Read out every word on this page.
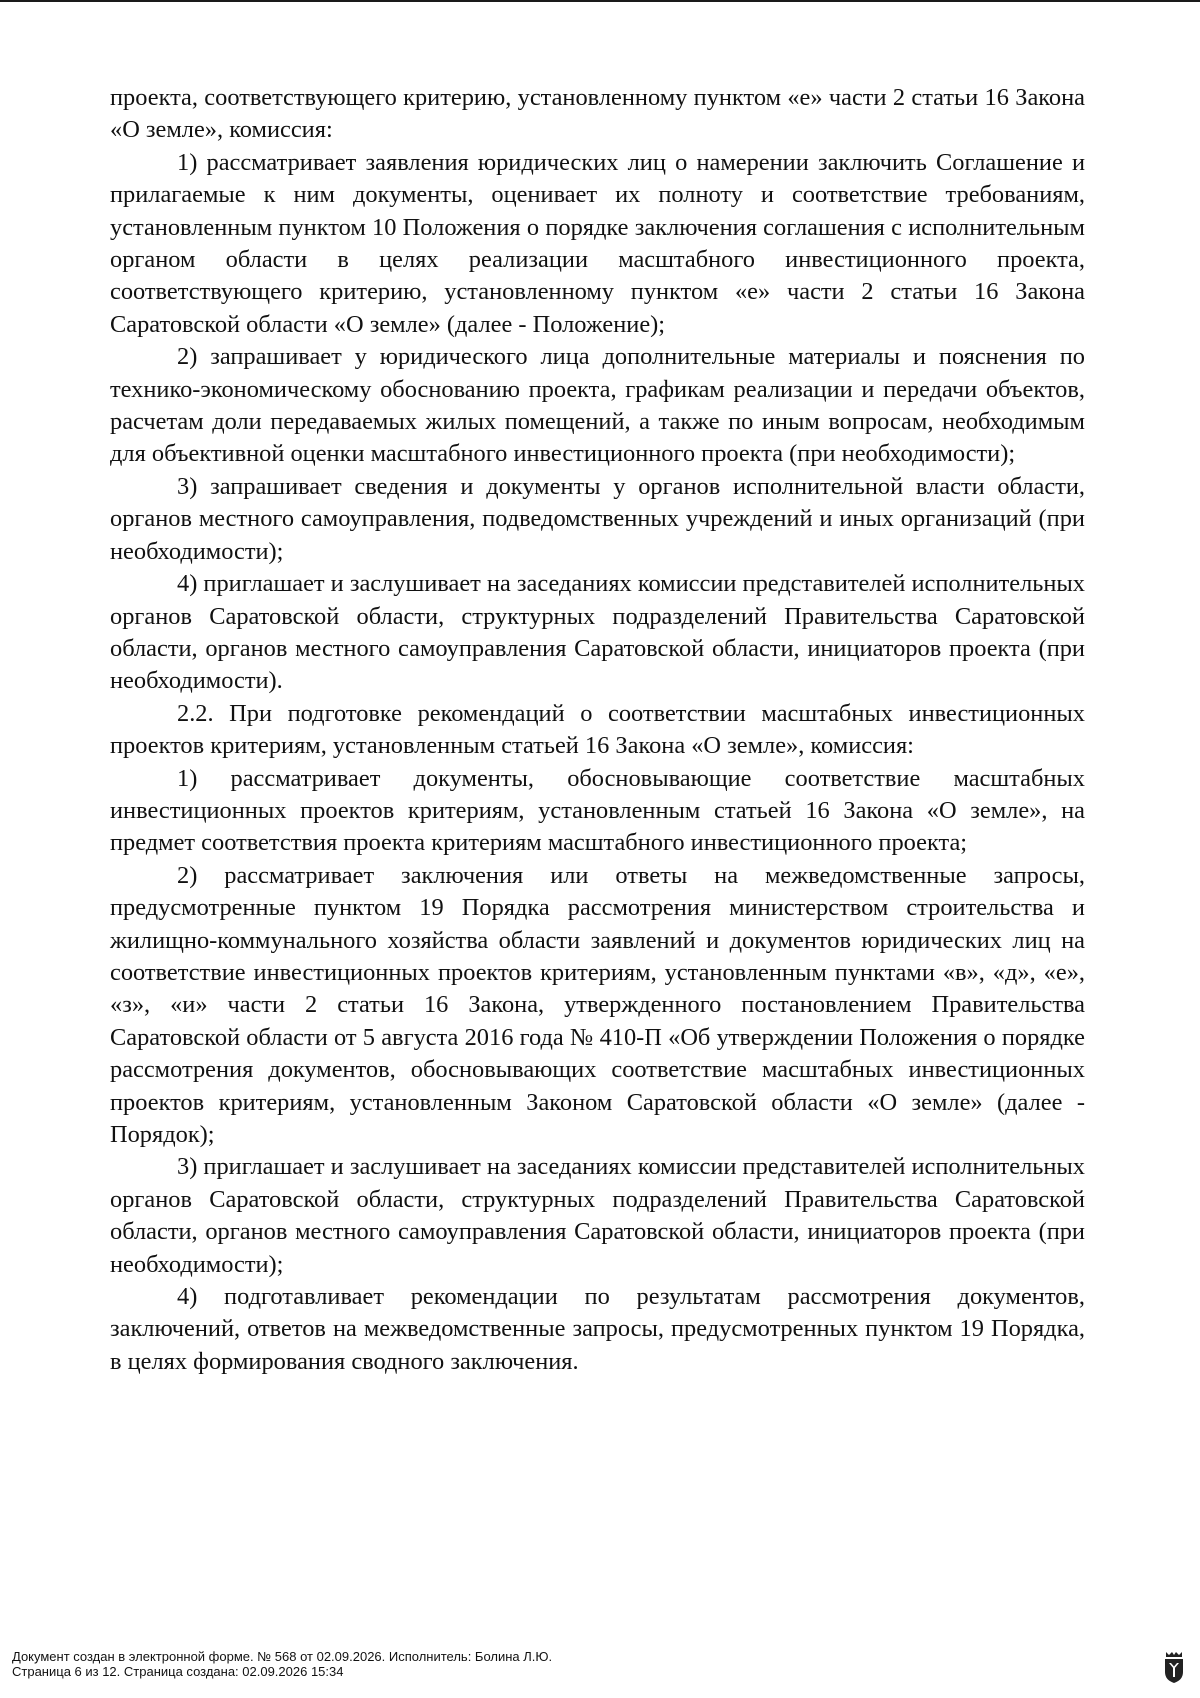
проекта, соответствующего критерию, установленному пунктом «е» части 2 статьи 16 Закона «О земле», комиссия:

1) рассматривает заявления юридических лиц о намерении заключить Соглашение и прилагаемые к ним документы, оценивает их полноту и соответствие требованиям, установленным пунктом 10 Положения о порядке заключения соглашения с исполнительным органом области в целях реализации масштабного инвестиционного проекта, соответствующего критерию, установленному пунктом «е» части 2 статьи 16 Закона Саратовской области «О земле» (далее - Положение);

2) запрашивает у юридического лица дополнительные материалы и пояснения по технико-экономическому обоснованию проекта, графикам реализации и передачи объектов, расчетам доли передаваемых жилых помещений, а также по иным вопросам, необходимым для объективной оценки масштабного инвестиционного проекта (при необходимости);

3) запрашивает сведения и документы у органов исполнительной власти области, органов местного самоуправления, подведомственных учреждений и иных организаций (при необходимости);

4) приглашает и заслушивает на заседаниях комиссии представителей исполнительных органов Саратовской области, структурных подразделений Правительства Саратовской области, органов местного самоуправления Саратовской области, инициаторов проекта (при необходимости).

2.2. При подготовке рекомендаций о соответствии масштабных инвестиционных проектов критериям, установленным статьей 16 Закона «О земле», комиссия:

1) рассматривает документы, обосновывающие соответствие масштабных инвестиционных проектов критериям, установленным статьей 16 Закона «О земле», на предмет соответствия проекта критериям масштабного инвестиционного проекта;

2) рассматривает заключения или ответы на межведомственные запросы, предусмотренные пунктом 19 Порядка рассмотрения министерством строительства и жилищно-коммунального хозяйства области заявлений и документов юридических лиц на соответствие инвестиционных проектов критериям, установленным пунктами «в», «д», «е», «з», «и» части 2 статьи 16 Закона, утвержденного постановлением Правительства Саратовской области от 5 августа 2016 года № 410-П «Об утверждении Положения о порядке рассмотрения документов, обосновывающих соответствие масштабных инвестиционных проектов критериям, установленным Законом Саратовской области «О земле» (далее - Порядок);

3) приглашает и заслушивает на заседаниях комиссии представителей исполнительных органов Саратовской области, структурных подразделений Правительства Саратовской области, органов местного самоуправления Саратовской области, инициаторов проекта (при необходимости);

4) подготавливает рекомендации по результатам рассмотрения документов, заключений, ответов на межведомственные запросы, предусмотренных пунктом 19 Порядка, в целях формирования сводного заключения.

Документ создан в электронной форме. № 568 от 02.09.2026. Исполнитель: Болина Л.Ю.
Страница 6 из 12. Страница создана: 02.09.2026 15:34
